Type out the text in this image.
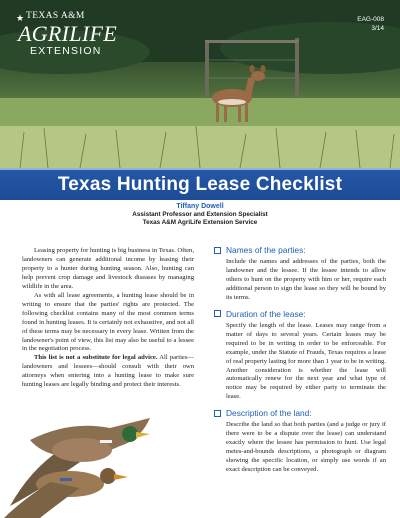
★ TEXAS A&M
AGRILIFE
EXTENSION
EAG-008
3/14
Texas Hunting Lease Checklist
Tiffany Dowell
Assistant Professor and Extension Specialist
Texas A&M AgriLife Extension Service

Leasing property for hunting is big business in Texas. Often, landowners can generate additional income by leasing their property to a hunter during hunting season. Also, hunting can help prevent crop damage and livestock diseases by managing wildlife in the area.

As with all lease agreements, a hunting lease should be in writing to ensure that the parties' rights are protected. The following checklist contains many of the most common terms found in hunting leases. It is certainly not exhaustive, and not all of these terms may be necessary in every lease. Written from the landowner's point of view, this list may also be useful to a lessee in the negotiation process.

This list is not a substitute for legal advice. All parties—landowners and lessees—should consult with their own attorneys when entering into a hunting lease to make sure hunting leases are legally binding and protect their interests.

Names of the parties:
Include the names and addresses of the parties, both the landowner and the lessee. If the lessee intends to allow others to hunt on the property with him or her, require each additional person to sign the lease so they will be bound by its terms.
Duration of the lease:
Specify the length of the lease. Leases may range from a matter of days to several years. Certain leases may be required to be in writing in order to be enforceable. For example, under the Statute of Frauds, Texas requires a lease of real property lasting for more than 1 year to be in writing. Another consideration is whether the lease will automatically renew for the next year and what type of notice may be required by either party to terminate the lease.
Description of the land:
Describe the land so that both parties (and a judge or jury if there were to be a dispute over the lease) can understand exactly where the lessee has permission to hunt. Use legal metes-and-bounds descriptions, a photograph or diagram showing the specific location, or simply use words if an exact description can be conveyed.
